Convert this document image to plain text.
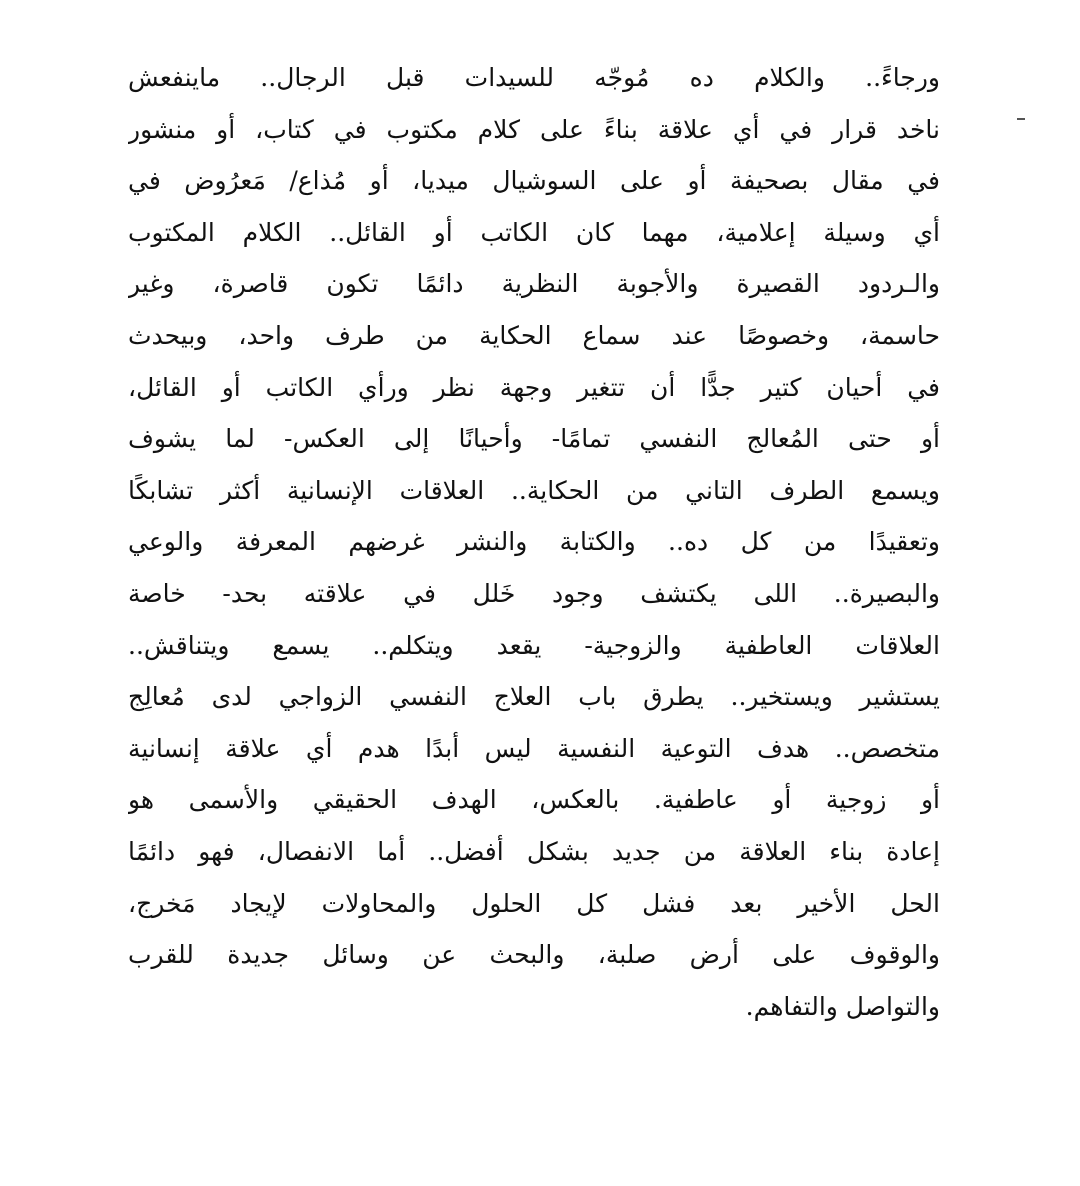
ورجاءً.. والكلام ده مُوجّه للسيدات قبل الرجال.. ماينفعش
ناخد قرار في أي علاقة بناءً على كلام مكتوب في كتاب، أو منشور
في مقال بصحيفة أو على السوشيال ميديا، أو مُذاع/ مَعرُوض في
أي وسيلة إعلامية، مهما كان الكاتب أو القائل.. الكلام المكتوب
والـردود القصيرة والأجوبة النظرية دائمًا تكون قاصرة، وغير
حاسمة، وخصوصًا عند سماع الحكاية من طرف واحد، وبيحدث
في أحيان كتير جدًّا أن تتغير وجهة نظر ورأي الكاتب أو القائل،
أو حتى المُعالج النفسي تمامًا- وأحيانًا إلى العكس- لما يشوف
ويسمع الطرف التاني من الحكاية.. العلاقات الإنسانية أكثر تشابكًا
وتعقيدًا من كل ده.. والكتابة والنشر غرضهم المعرفة والوعي
والبصيرة.. اللى يكتشف وجود خَلل في علاقته بحد- خاصة
العلاقات العاطفية والزوجية- يقعد ويتكلم.. يسمع ويتناقش..
يستشير ويستخير.. يطرق باب العلاج النفسي الزواجي لدى مُعالِج
متخصص.. هدف التوعية النفسية ليس أبدًا هدم أي علاقة إنسانية
أو زوجية أو عاطفية. بالعكس، الهدف الحقيقي والأسمى هو
إعادة بناء العلاقة من جديد بشكل أفضل.. أما الانفصال، فهو دائمًا
الحل الأخير بعد فشل كل الحلول والمحاولات لإيجاد مَخرج،
والوقوف على أرض صلبة، والبحث عن وسائل جديدة للقرب
والتواصل والتفاهم.
